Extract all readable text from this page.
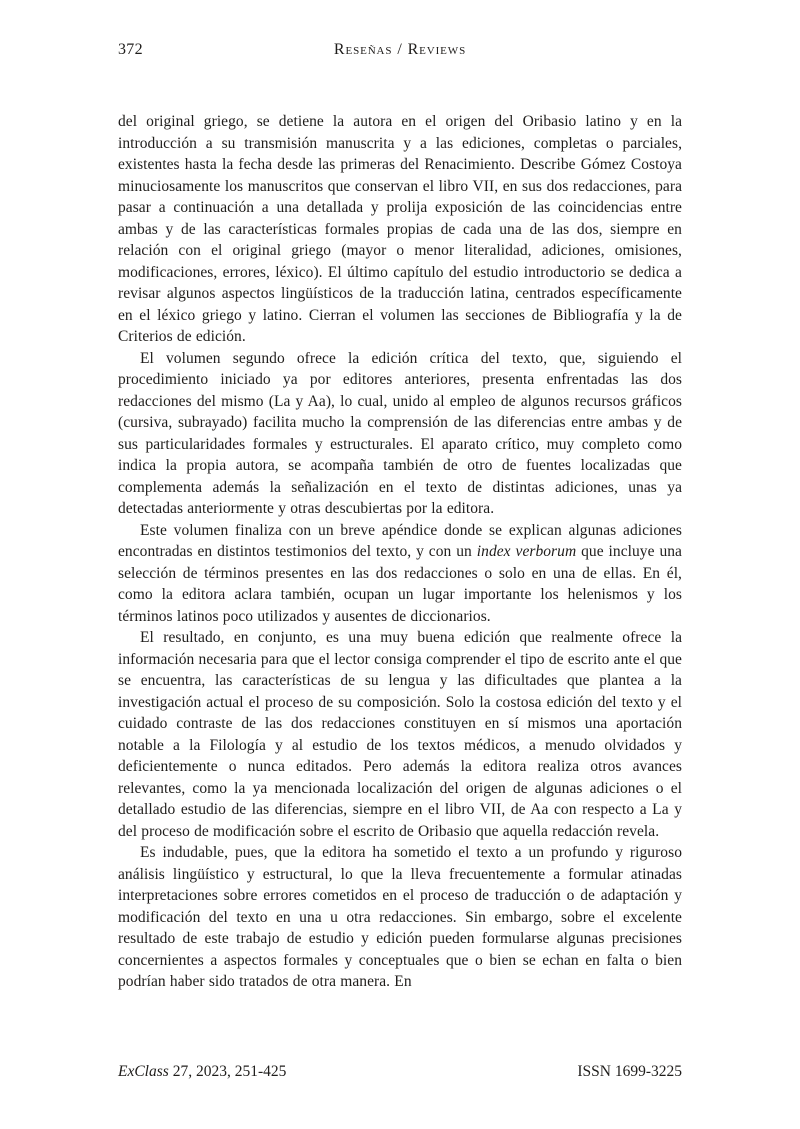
372	Reseñas / Reviews

del original griego, se detiene la autora en el origen del Oribasio latino y en la introducción a su transmisión manuscrita y a las ediciones, completas o parciales, existentes hasta la fecha desde las primeras del Renacimiento. Describe Gómez Costoya minuciosamente los manuscritos que conservan el libro VII, en sus dos redacciones, para pasar a continuación a una detallada y prolija exposición de las coincidencias entre ambas y de las características formales propias de cada una de las dos, siempre en relación con el original griego (mayor o menor literalidad, adiciones, omisiones, modificaciones, errores, léxico). El último capítulo del estudio introductorio se dedica a revisar algunos aspectos lingüísticos de la traducción latina, centrados específicamente en el léxico griego y latino. Cierran el volumen las secciones de Bibliografía y la de Criterios de edición.

El volumen segundo ofrece la edición crítica del texto, que, siguiendo el procedimiento iniciado ya por editores anteriores, presenta enfrentadas las dos redacciones del mismo (La y Aa), lo cual, unido al empleo de algunos recursos gráficos (cursiva, subrayado) facilita mucho la comprensión de las diferencias entre ambas y de sus particularidades formales y estructurales. El aparato crítico, muy completo como indica la propia autora, se acompaña también de otro de fuentes localizadas que complementa además la señalización en el texto de distintas adiciones, unas ya detectadas anteriormente y otras descubiertas por la editora.

Este volumen finaliza con un breve apéndice donde se explican algunas adiciones encontradas en distintos testimonios del texto, y con un index verborum que incluye una selección de términos presentes en las dos redacciones o solo en una de ellas. En él, como la editora aclara también, ocupan un lugar importante los helenismos y los términos latinos poco utilizados y ausentes de diccionarios.

El resultado, en conjunto, es una muy buena edición que realmente ofrece la información necesaria para que el lector consiga comprender el tipo de escrito ante el que se encuentra, las características de su lengua y las dificultades que plantea a la investigación actual el proceso de su composición. Solo la costosa edición del texto y el cuidado contraste de las dos redacciones constituyen en sí mismos una aportación notable a la Filología y al estudio de los textos médicos, a menudo olvidados y deficientemente o nunca editados. Pero además la editora realiza otros avances relevantes, como la ya mencionada localización del origen de algunas adiciones o el detallado estudio de las diferencias, siempre en el libro VII, de Aa con respecto a La y del proceso de modificación sobre el escrito de Oribasio que aquella redacción revela.

Es indudable, pues, que la editora ha sometido el texto a un profundo y riguroso análisis lingüístico y estructural, lo que la lleva frecuentemente a formular atinadas interpretaciones sobre errores cometidos en el proceso de traducción o de adaptación y modificación del texto en una u otra redacciones. Sin embargo, sobre el excelente resultado de este trabajo de estudio y edición pueden formularse algunas precisiones concernientes a aspectos formales y conceptuales que o bien se echan en falta o bien podrían haber sido tratados de otra manera. En

ExClass 27, 2023, 251-425	ISSN 1699-3225
